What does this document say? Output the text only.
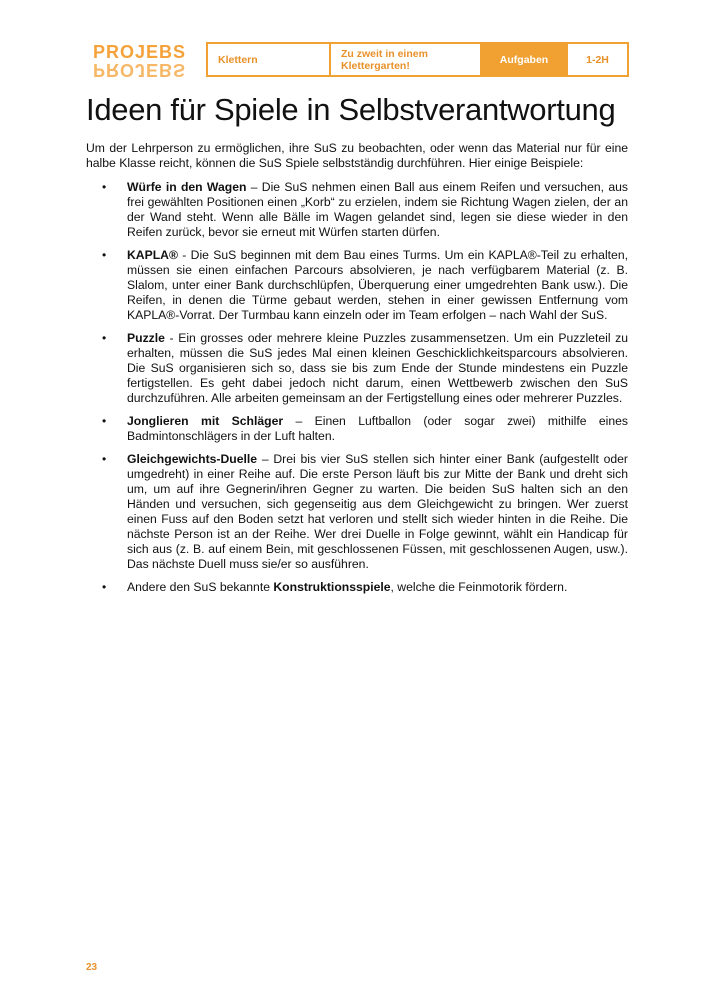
PROJEBS
PROJEBS
Klettern	Zu zweit in einem Klettergarten!	Aufgaben	1-2H
Ideen für Spiele in Selbstverantwortung

Um der Lehrperson zu ermöglichen, ihre SuS zu beobachten, oder wenn das Material nur für eine halbe Klasse reicht, können die SuS Spiele selbstständig durchführen. Hier einige Beispiele:

• Würfe in den Wagen – Die SuS nehmen einen Ball aus einem Reifen und versuchen, aus frei gewählten Positionen einen „Korb“ zu erzielen, indem sie Richtung Wagen zielen, der an der Wand steht. Wenn alle Bälle im Wagen gelandet sind, legen sie diese wieder in den Reifen zurück, bevor sie erneut mit Würfen starten dürfen.
• KAPLA® - Die SuS beginnen mit dem Bau eines Turms. Um ein KAPLA®-Teil zu erhalten, müssen sie einen einfachen Parcours absolvieren, je nach verfügbarem Material (z. B. Slalom, unter einer Bank durchschlüpfen, Überquerung einer umgedrehten Bank usw.). Die Reifen, in denen die Türme gebaut werden, stehen in einer gewissen Entfernung vom KAPLA®-Vorrat. Der Turmbau kann einzeln oder im Team erfolgen – nach Wahl der SuS.
• Puzzle - Ein grosses oder mehrere kleine Puzzles zusammensetzen. Um ein Puzzleteil zu erhalten, müssen die SuS jedes Mal einen kleinen Geschicklichkeitsparcours absolvieren. Die SuS organisieren sich so, dass sie bis zum Ende der Stunde mindestens ein Puzzle fertigstellen. Es geht dabei jedoch nicht darum, einen Wettbewerb zwischen den SuS durchzuführen. Alle arbeiten gemeinsam an der Fertigstellung eines oder mehrerer Puzzles.
• Jonglieren mit Schläger – Einen Luftballon (oder sogar zwei) mithilfe eines Badmintonschlägers in der Luft halten.
• Gleichgewichts-Duelle – Drei bis vier SuS stellen sich hinter einer Bank (aufgestellt oder umgedreht) in einer Reihe auf. Die erste Person läuft bis zur Mitte der Bank und dreht sich um, um auf ihre Gegnerin/ihren Gegner zu warten. Die beiden SuS halten sich an den Händen und versuchen, sich gegenseitig aus dem Gleichgewicht zu bringen. Wer zuerst einen Fuss auf den Boden setzt hat verloren und stellt sich wieder hinten in die Reihe. Die nächste Person ist an der Reihe. Wer drei Duelle in Folge gewinnt, wählt ein Handicap für sich aus (z. B. auf einem Bein, mit geschlossenen Füssen, mit geschlossenen Augen, usw.). Das nächste Duell muss sie/er so ausführen.
• Andere den SuS bekannte Konstruktionsspiele, welche die Feinmotorik fördern.
23
